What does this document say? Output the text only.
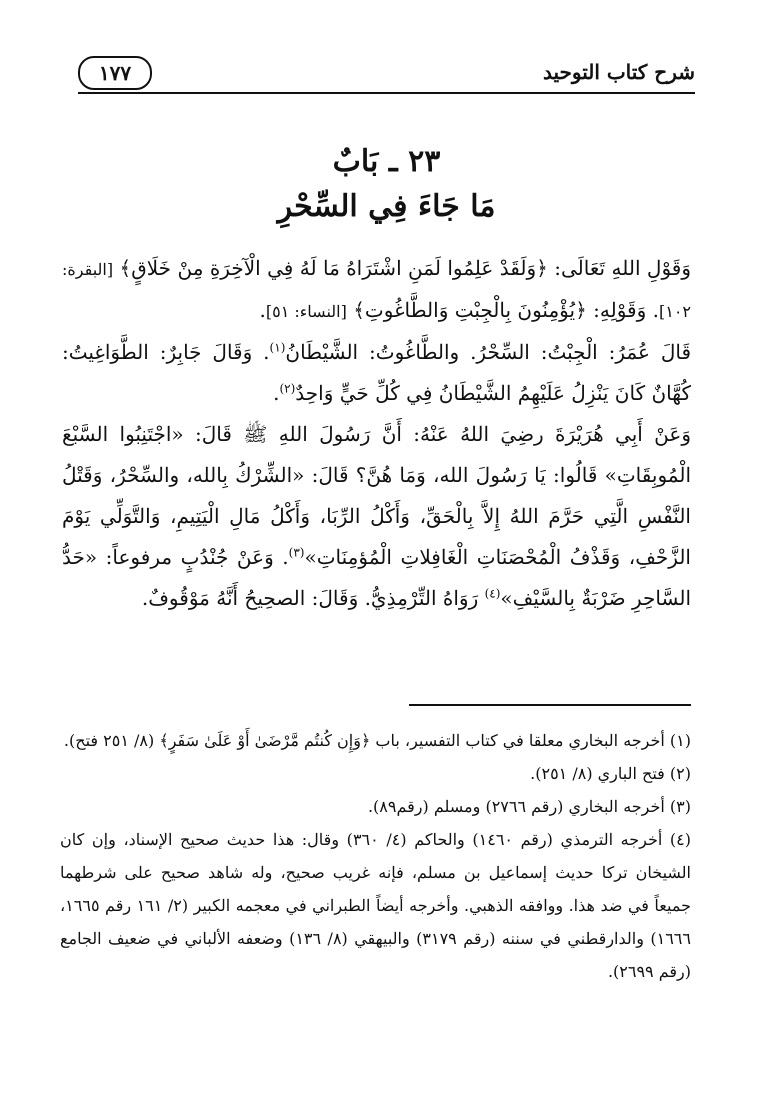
شرح كتاب التوحيد
١٧٧
٢٣ ـ بَابٌ
مَا جَاءَ فِي السِّحْرِ

وَقَوْلِ اللهِ تَعَالَى: ﴿وَلَقَدْ عَلِمُوا لَمَنِ اشْتَرَاهُ مَا لَهُ فِي الْآخِرَةِ مِنْ خَلَاقٍ﴾ [البقرة: ١٠٢]. وَقَوْلِهِ: ﴿يُؤْمِنُونَ بِالْجِبْتِ وَالطَّاغُوتِ﴾ [النساء: ٥١].

قَالَ عُمَرُ: الْجِبْتُ: السِّحْرُ. والطَّاغُوتُ: الشَّيْطَانُ$^{(١)}$. وَقَالَ جَابِرٌ: الطَّوَاغِيتُ: كُهَّانٌ كَانَ يَنْزِلُ عَلَيْهِمُ الشَّيْطَانُ فِي كُلِّ حَيٍّ وَاحِدٌ$^{(٢)}$.

وَعَنْ أَبِي هُرَيْرَةَ رضِيَ اللهُ عَنْهُ: أَنَّ رَسُولَ اللهِ ﷺ قَالَ: «اجْتَنِبُوا السَّبْعَ الْمُوبِقَاتِ» قَالُوا: يَا رَسُولَ الله، وَمَا هُنَّ؟ قَالَ: «الشِّرْكُ بِالله، والسِّحْرُ، وَقَتْلُ النَّفْسِ الَّتِي حَرَّمَ اللهُ إِلاَّ بِالْحَقِّ، وَأَكْلُ الرِّبَا، وَأَكْلُ مَالِ الْيَتِيمِ، وَالتَّوَلِّي يَوْمَ الزَّحْفِ، وَقَذْفُ الْمُحْصَنَاتِ الْغَافِلاتِ الْمُؤمِنَاتِ»$^{(٣)}$. وَعَنْ جُنْدُبٍ مرفوعاً: «حَدُّ السَّاحِرِ ضَرْبَةٌ بِالسَّيْفِ»$^{(٤)}$ رَوَاهُ التِّرْمِذِيُّ. وَقَالَ: الصحِيحُ أَنَّهُ مَوْقُوفٌ.

(١) أخرجه البخاري معلقا في كتاب التفسير، باب ﴿وَإِن كُنتُم مَّرْضَىٰ أَوْ عَلَىٰ سَفَرٍ﴾ (٨/ ٢٥١ فتح).

(٢) فتح الباري (٨/ ٢٥١).

(٣) أخرجه البخاري (رقم ٢٧٦٦) ومسلم (رقم٨٩).

(٤) أخرجه الترمذي (رقم ١٤٦٠) والحاكم (٤/ ٣٦٠) وقال: هذا حديث صحيح الإسناد، وإن كان الشيخان تركا حديث إسماعيل بن مسلم، فإنه غريب صحيح، وله شاهد صحيح على شرطهما جميعاً في ضد هذا. ووافقه الذهبي. وأخرجه أيضاً الطبراني في معجمه الكبير (٢/ ١٦١ رقم ١٦٦٥، ١٦٦٦) والدارقطني في سننه (رقم ٣١٧٩) والبيهقي (٨/ ١٣٦) وضعفه الألباني في ضعيف الجامع (رقم ٢٦٩٩).
